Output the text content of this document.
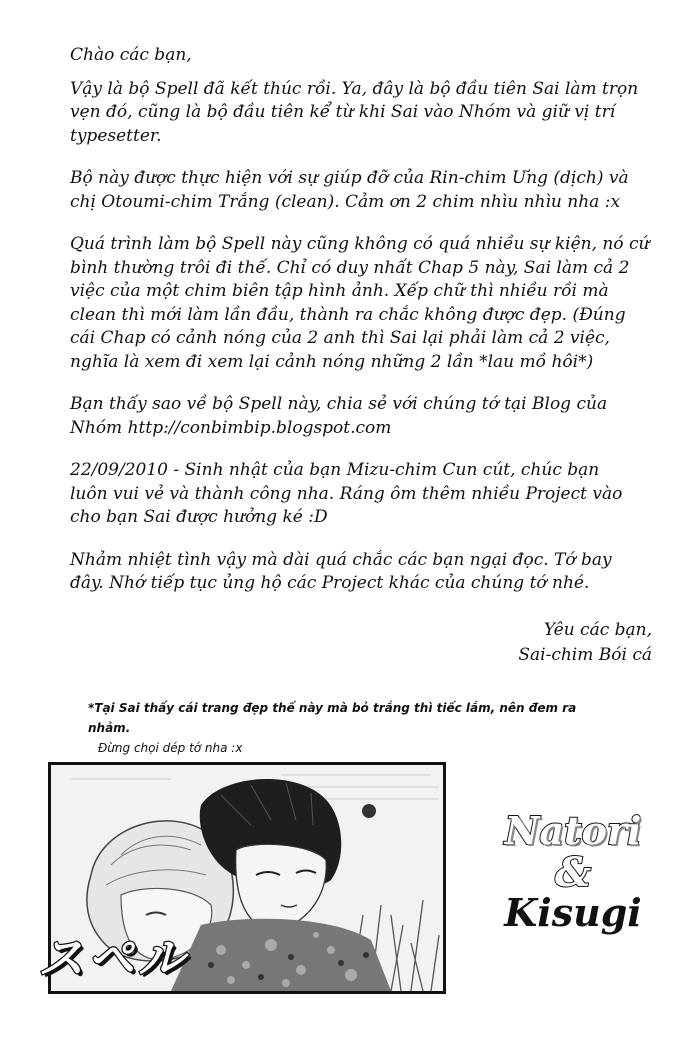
Chào các bạn,

Vậy là bộ Spell đã kết thúc rồi. Ya, đây là bộ đầu tiên Sai làm trọn
vẹn đó, cũng là bộ đầu tiên kể từ khi Sai vào Nhóm và giữ vị trí
typesetter.

Bộ này được thực hiện với sự giúp đỡ của Rin-chim Ưng (dịch) và
chị Otoumi-chim Trắng (clean). Cảm ơn 2 chim nhìu nhìu nha :x

Quá trình làm bộ Spell này cũng không có quá nhiều sự kiện, nó cứ
bình thường trôi đi thế. Chỉ có duy nhất Chap 5 này, Sai làm cả 2
việc của một chim biên tập hình ảnh. Xếp chữ thì nhiều rồi mà
clean thì mới làm lần đầu, thành ra chắc không được đẹp. (Đúng
cái Chap có cảnh nóng của 2 anh thì Sai lại phải làm cả 2 việc,
nghĩa là xem đi xem lại cảnh nóng những 2 lần *lau mồ hôi*)

Bạn thấy sao về bộ Spell này, chia sẻ với chúng tớ tại Blog của
Nhóm http://conbimbip.blogspot.com

22/09/2010 - Sinh nhật của bạn Mizu-chim Cun cút, chúc bạn
luôn vui vẻ và thành công nha. Ráng ôm thêm nhiều Project vào
cho bạn Sai được hưởng ké :D

Nhảm nhiệt tình vậy mà dài quá chắc các bạn ngại đọc. Tớ bay
đây. Nhớ tiếp tục ủng hộ các Project khác của chúng tớ nhé.

Yêu các bạn,
Sai-chim Bói cá
*Tại Sai thấy cái trang đẹp thế này mà bỏ trắng thì tiếc lắm, nên đem ra nhảm.
Đừng chọi dép tớ nha :x
スペル
Natori
&
Kisugi
